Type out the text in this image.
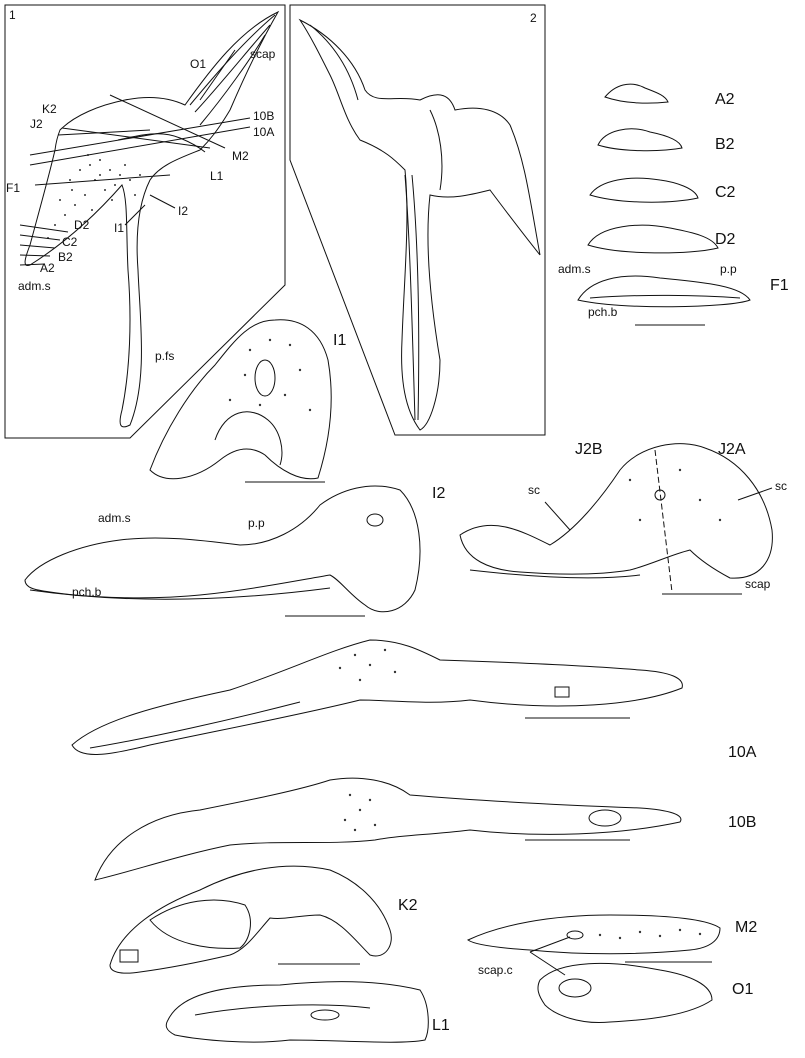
1
O1
scap
K2
J2
10B
10A
M2
F1
L1
I2
I1
D2
C2
B2
A2
adm.s
p.fs
2
A2
B2
C2
D2
F1
adm.s	p.p
pch.b
I1
I2
adm.s	p.p
pch.b
J2B	J2A
sc	sc
scap
10A
10B
K2
L1
M2
scap.c
O1
